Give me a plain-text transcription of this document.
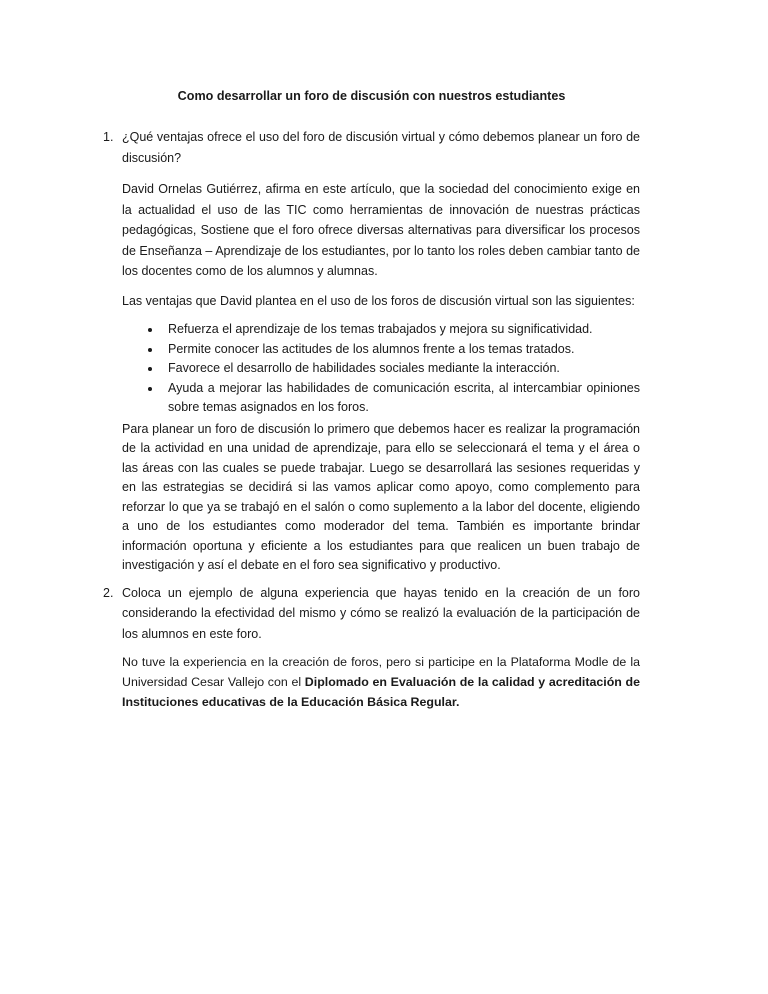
Como desarrollar un foro de discusión con nuestros estudiantes
1. ¿Qué ventajas ofrece el uso del foro de discusión virtual y cómo debemos planear un foro de discusión?

David Ornelas Gutiérrez, afirma en este artículo, que la sociedad del conocimiento exige en la actualidad el uso de las TIC como herramientas de innovación de nuestras prácticas pedagógicas, Sostiene que el foro ofrece diversas alternativas para diversificar los procesos de Enseñanza – Aprendizaje de los estudiantes, por lo tanto los roles deben cambiar tanto de los docentes como de los alumnos y alumnas.

Las ventajas que David plantea en el uso de los foros de discusión virtual son las siguientes:

Refuerza el aprendizaje de los temas trabajados y mejora su significatividad.
Permite conocer las actitudes de los alumnos frente a los temas tratados.
Favorece el desarrollo de habilidades sociales mediante la interacción.
Ayuda a mejorar las habilidades de comunicación escrita, al intercambiar opiniones sobre temas asignados en los foros.

Para planear un foro de discusión lo primero que debemos hacer es realizar la programación de la actividad en una unidad de aprendizaje, para ello se seleccionará el tema y el área o las áreas con las cuales se puede trabajar. Luego se desarrollará las sesiones requeridas y en las estrategias se decidirá si las vamos aplicar como apoyo, como complemento para reforzar lo que ya se trabajó en el salón o como suplemento a la labor del docente, eligiendo a uno de los estudiantes como moderador del tema. También es importante brindar información oportuna y eficiente a los estudiantes para que realicen un buen trabajo de investigación y así el debate en el foro sea significativo y productivo.

2. Coloca un ejemplo de alguna experiencia que hayas tenido en la creación de un foro considerando la efectividad del mismo y cómo se realizó la evaluación de la participación de los alumnos en este foro.

No tuve la experiencia en la creación de foros, pero si participe en la Plataforma Modle de la Universidad Cesar Vallejo con el Diplomado en Evaluación de la calidad y acreditación de Instituciones educativas de la Educación Básica Regular.
